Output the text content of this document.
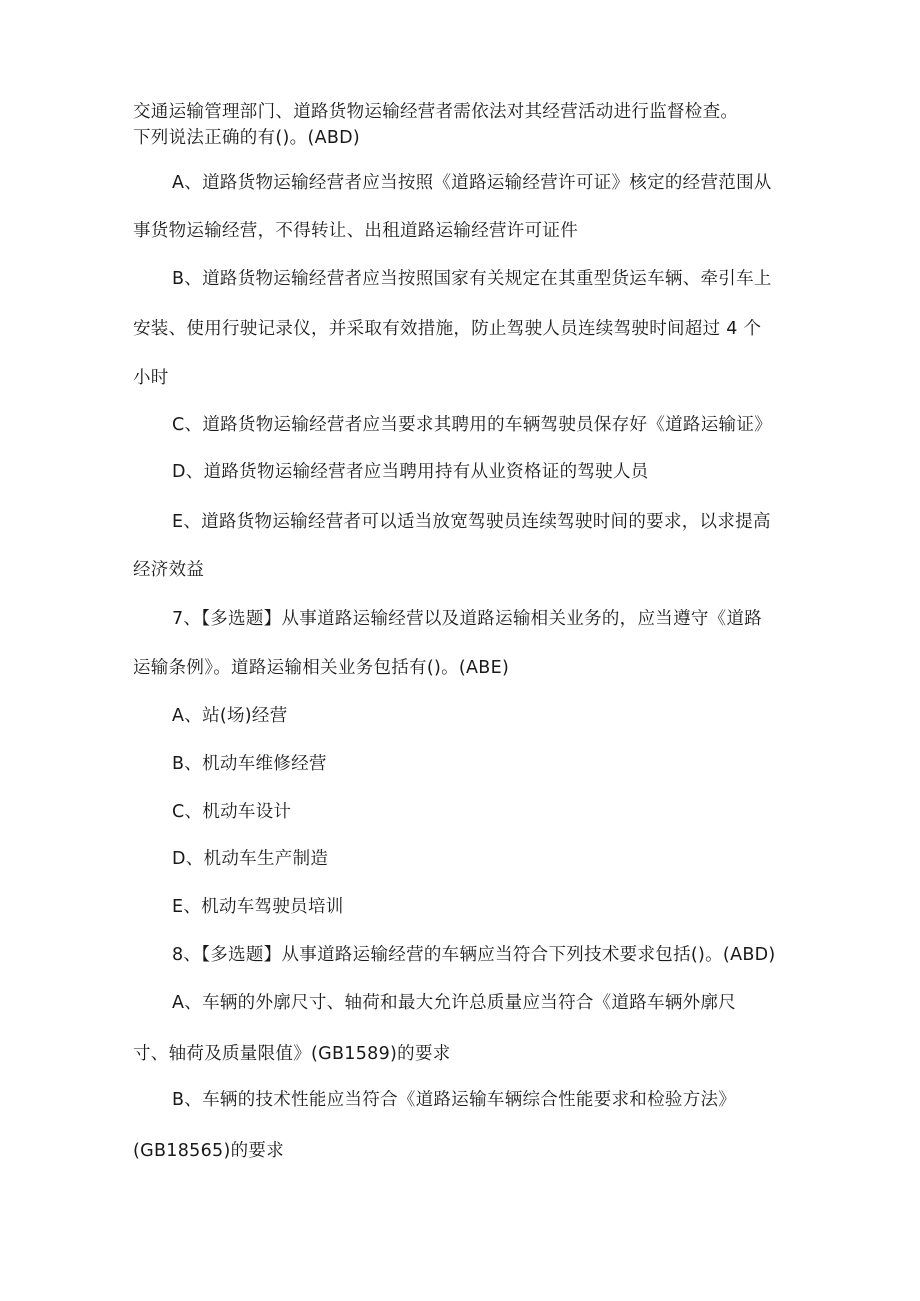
交通运输管理部门、道路货物运输经营者需依法对其经营活动进行监督检查。
下列说法正确的有()。(ABD)
A、道路货物运输经营者应当按照《道路运输经营许可证》核定的经营范围从
事货物运输经营，不得转让、出租道路运输经营许可证件
B、道路货物运输经营者应当按照国家有关规定在其重型货运车辆、牵引车上
安装、使用行驶记录仪，并采取有效措施，防止驾驶人员连续驾驶时间超过 4 个
小时
C、道路货物运输经营者应当要求其聘用的车辆驾驶员保存好《道路运输证》
D、道路货物运输经营者应当聘用持有从业资格证的驾驶人员
E、道路货物运输经营者可以适当放宽驾驶员连续驾驶时间的要求，以求提高
经济效益
7、【多选题】从事道路运输经营以及道路运输相关业务的，应当遵守《道路
运输条例》。道路运输相关业务包括有()。(ABE)
A、站(场)经营
B、机动车维修经营
C、机动车设计
D、机动车生产制造
E、机动车驾驶员培训
8、【多选题】从事道路运输经营的车辆应当符合下列技术要求包括()。(ABD)
A、车辆的外廓尺寸、轴荷和最大允许总质量应当符合《道路车辆外廓尺
寸、轴荷及质量限值》(GB1589)的要求
B、车辆的技术性能应当符合《道路运输车辆综合性能要求和检验方法》
(GB18565)的要求
